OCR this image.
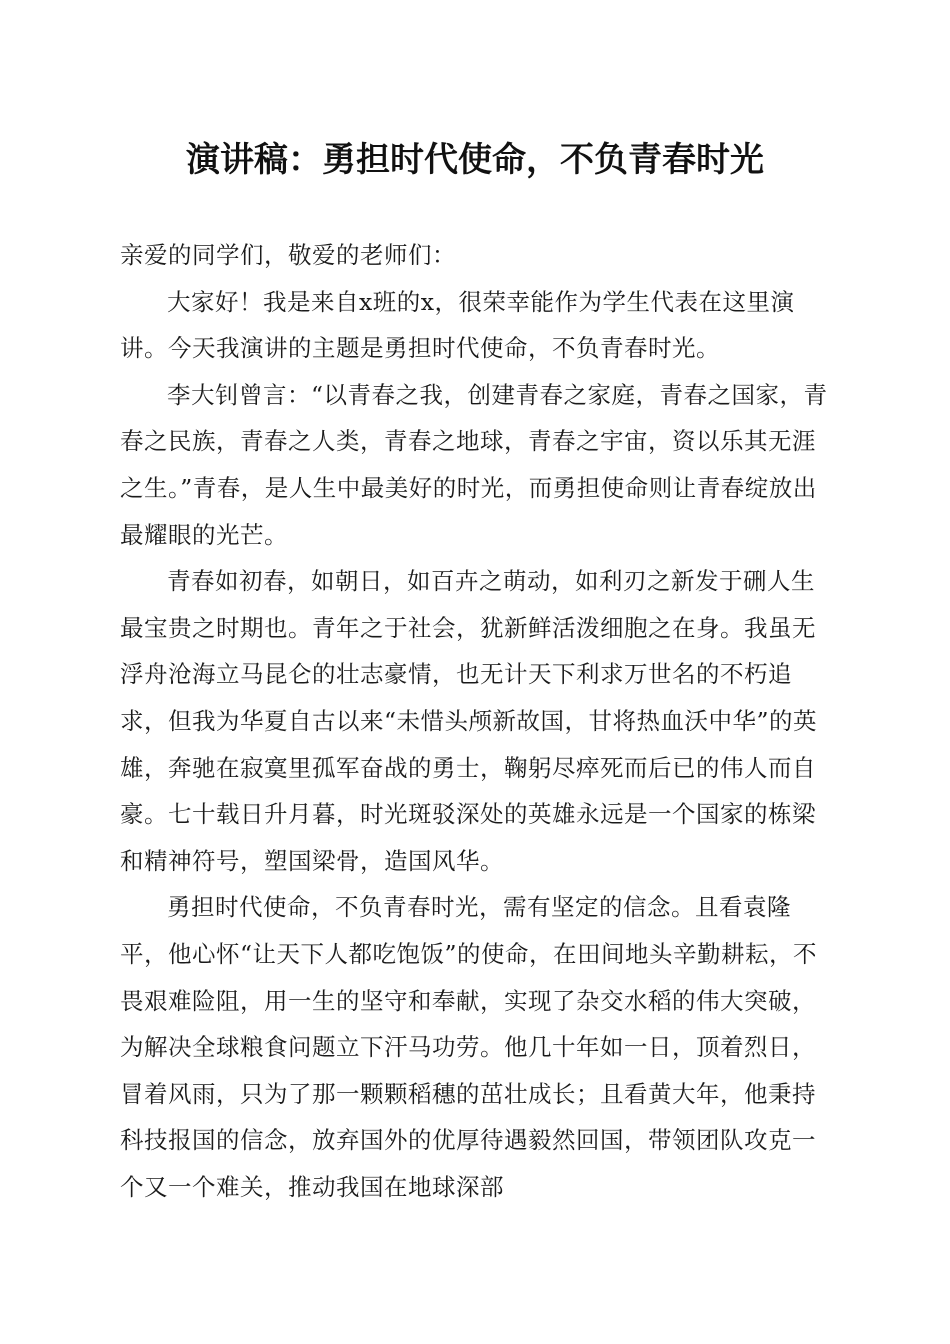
演讲稿：勇担时代使命，不负青春时光

亲爱的同学们，敬爱的老师们：

大家好！我是来自x班的x，很荣幸能作为学生代表在这里演讲。今天我演讲的主题是勇担时代使命，不负青春时光。

李大钊曾言：“以青春之我，创建青春之家庭，青春之国家，青春之民族，青春之人类，青春之地球，青春之宇宙，资以乐其无涯之生。”青春，是人生中最美好的时光，而勇担使命则让青春绽放出最耀眼的光芒。

青春如初春，如朝日，如百卉之萌动，如利刃之新发于硎人生最宝贵之时期也。青年之于社会，犹新鲜活泼细胞之在身。我虽无浮舟沧海立马昆仑的壮志豪情，也无计天下利求万世名的不朽追求，但我为华夏自古以来“未惜头颅新故国，甘将热血沃中华”的英雄，奔驰在寂寞里孤军奋战的勇士，鞠躬尽瘁死而后已的伟人而自豪。七十载日升月暮，时光斑驳深处的英雄永远是一个国家的栋梁和精神符号，塑国梁骨，造国风华。

勇担时代使命，不负青春时光，需有坚定的信念。且看袁隆平，他心怀“让天下人都吃饱饭”的使命，在田间地头辛勤耕耘，不畏艰难险阻，用一生的坚守和奉献，实现了杂交水稻的伟大突破，为解决全球粮食问题立下汗马功劳。他几十年如一日，顶着烈日，冒着风雨，只为了那一颗颗稻穗的茁壮成长；且看黄大年，他秉持科技报国的信念，放弃国外的优厚待遇毅然回国，带领团队攻克一个又一个难关，推动我国在地球深部
